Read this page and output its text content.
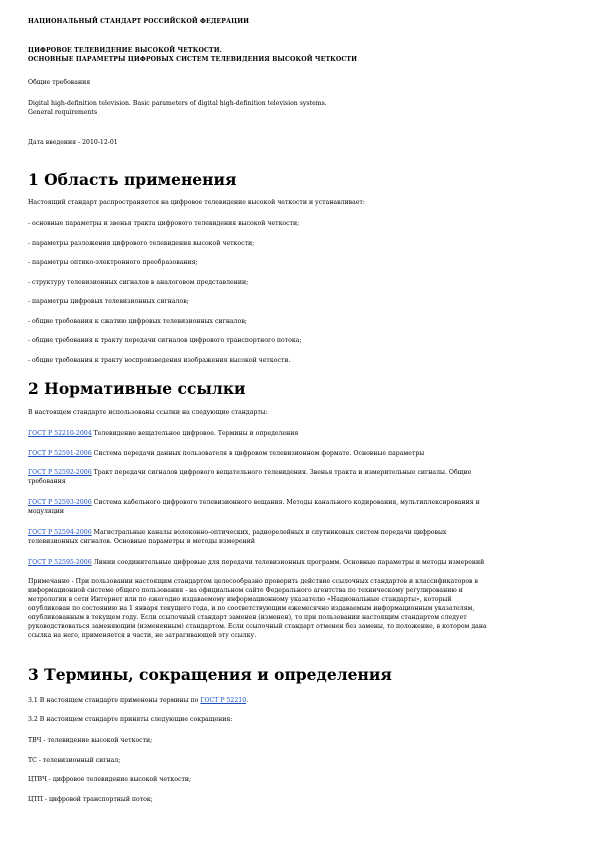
НАЦИОНАЛЬНЫЙ СТАНДАРТ РОССИЙСКОЙ ФЕДЕРАЦИИ
ЦИФРОВОЕ ТЕЛЕВИДЕНИЕ ВЫСОКОЙ ЧЕТКОСТИ.
ОСНОВНЫЕ ПАРАМЕТРЫ ЦИФРОВЫХ СИСТЕМ ТЕЛЕВИДЕНИЯ ВЫСОКОЙ ЧЕТКОСТИ
Общие требования
Digital high-definition television. Basic parameters of digital high-definition television systems.
General requirements
Дата введения - 2010-12-01
1 Область применения
Настоящий стандарт распространяется на цифровое телевидение высокой четкости и устанавливает:
- основные параметры и звенья тракта цифрового телевидения высокой четкости;
- параметры разложения цифрового телевидения высокой четкости;
- параметры оптико-электронного преобразования;
- структуру телевизионных сигналов в аналоговом представлении;
- параметры цифровых телевизионных сигналов;
- общие требования к сжатию цифровых телевизионных сигналов;
- общие требования к тракту передачи сигналов цифрового транспортного потока;
- общие требования к тракту воспроизведения изображения высокой четкости.
2 Нормативные ссылки
В настоящем стандарте использованы ссылки на следующие стандарты:
ГОСТ Р 52210-2004 Телевидение вещательное цифровое. Термины и определения
ГОСТ Р 52591-2006 Система передачи данных пользователя в цифровом телевизионном формате. Основные параметры
ГОСТ Р 52592-2006 Тракт передачи сигналов цифрового вещательного телевидения. Звенья тракта и измерительные сигналы. Общие
требования
ГОСТ Р 52593-2006 Система кабельного цифрового телевизионного вещания. Методы канального кодирования, мультиплексирования и
модуляции
ГОСТ Р 52594-2006 Магистральные каналы волоконно-оптических, радиорелейных и спутниковых систем передачи цифровых
телевизионных сигналов. Основные параметры и методы измерений
ГОСТ Р 52595-2006 Линии соединительные цифровые для передачи телевизионных программ. Основные параметры и методы измерений
Примечание - При пользовании настоящим стандартом целесообразно проверить действие ссылочных стандартов и классификаторов в
информационной системе общего пользования - на официальном сайте Федерального агентства по техническому регулированию и
метрологии в сети Интернет или по ежегодно издаваемому информационному указателю «Национальные стандарты», который
опубликован по состоянию на 1 января текущего года, и по соответствующим ежемесячно издаваемым информационным указателям,
опубликованным в текущем году. Если ссылочный стандарт заменен (изменен), то при пользовании настоящим стандартом следует
руководствоваться заменяющим (измененным) стандартом. Если ссылочный стандарт отменен без замены, то положение, в котором дана
ссылка на него, применяется в части, не затрагивающей эту ссылку.
3 Термины, сокращения и определения
3.1 В настоящем стандарте применены термины по ГОСТ Р 52210.
3.2 В настоящем стандарте приняты следующие сокращения:
ТВЧ - телевидение высокой четкости;
ТС - телевизионный сигнал;
ЦТВЧ - цифровое телевидение высокой четкости;
ЦТП - цифровой транспортный поток;
